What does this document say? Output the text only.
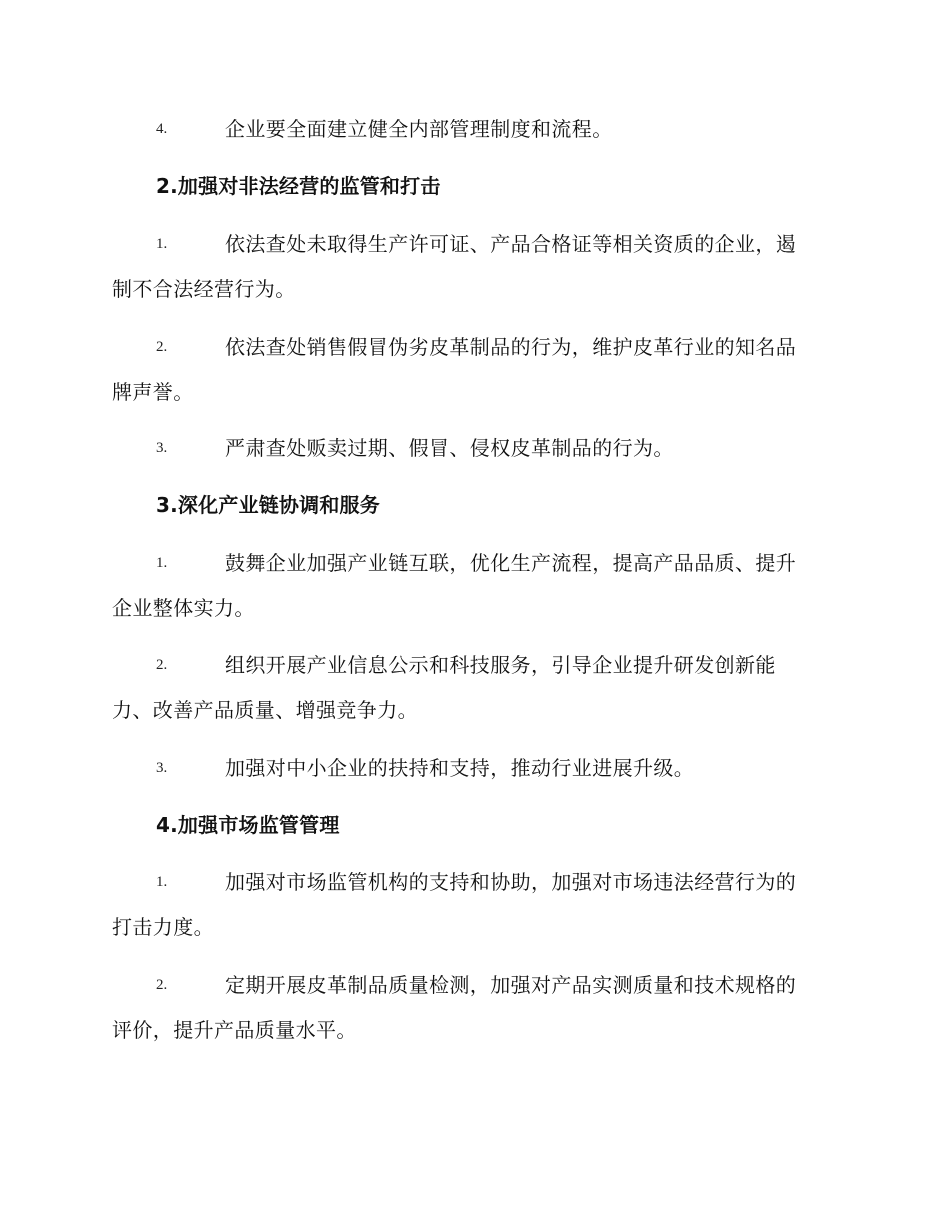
4.	企业要全面建立健全内部管理制度和流程。
2.加强对非法经营的监管和打击
1.	依法查处未取得生产许可证、产品合格证等相关资质的企业，遏
制不合法经营行为。
2.	依法查处销售假冒伪劣皮革制品的行为，维护皮革行业的知名品
牌声誉。
3.	严肃查处贩卖过期、假冒、侵权皮革制品的行为。
3.深化产业链协调和服务
1.	鼓舞企业加强产业链互联，优化生产流程，提高产品品质、提升
企业整体实力。
2.	组织开展产业信息公示和科技服务，引导企业提升研发创新能
力、改善产品质量、增强竞争力。
3.	加强对中小企业的扶持和支持，推动行业进展升级。
4.加强市场监管管理
1.	加强对市场监管机构的支持和协助，加强对市场违法经营行为的
打击力度。
2.	定期开展皮革制品质量检测，加强对产品实测质量和技术规格的
评价，提升产品质量水平。
